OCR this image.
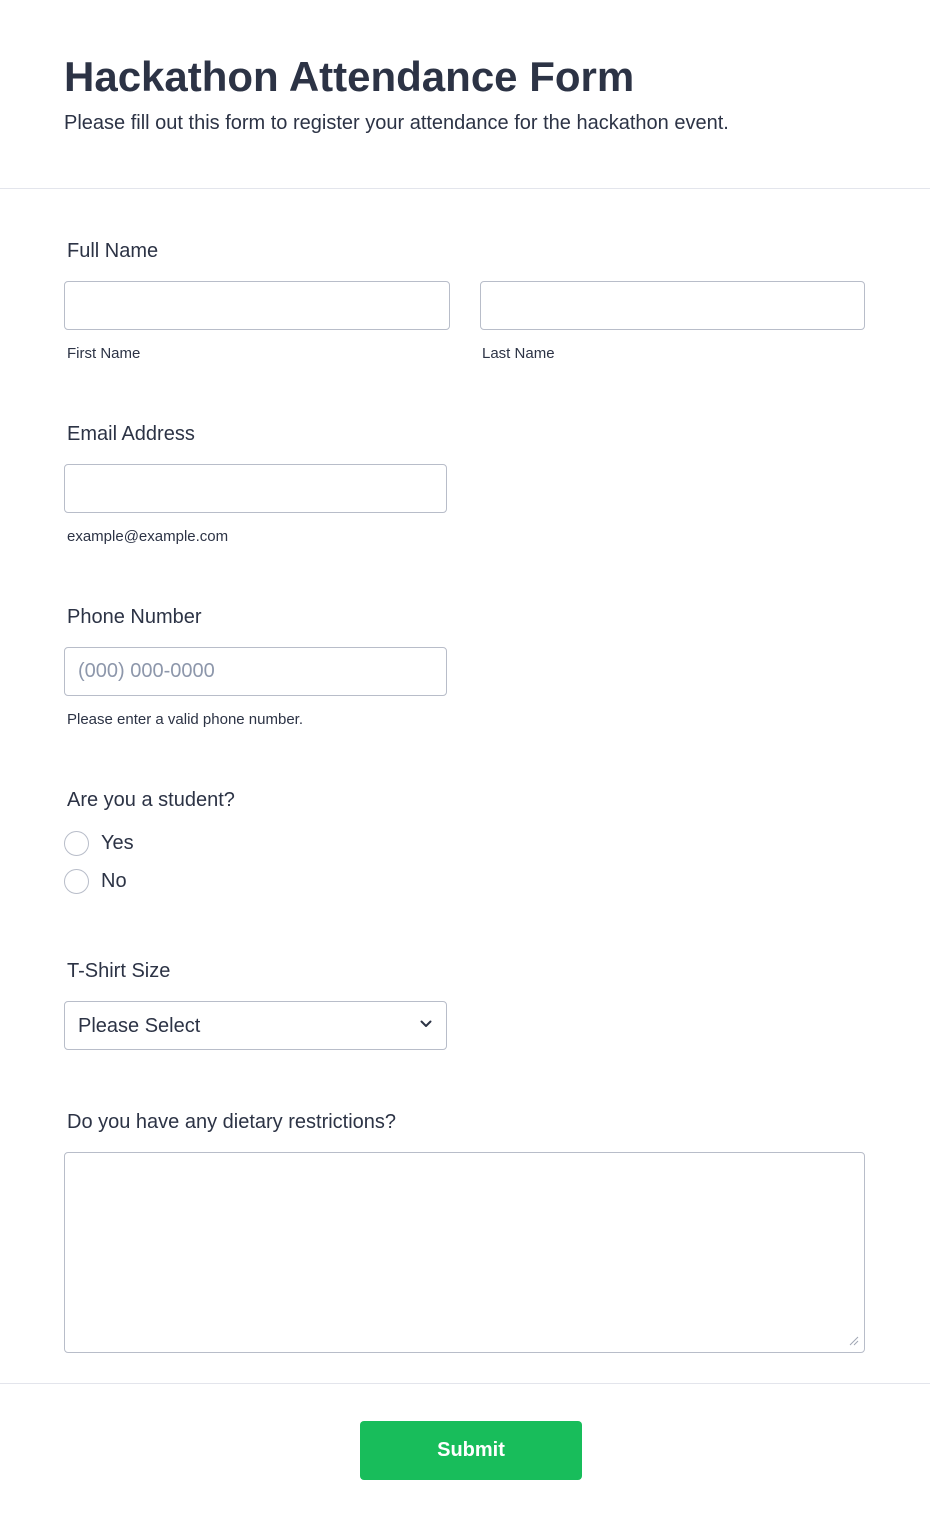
Hackathon Attendance Form

Please fill out this form to register your attendance for the hackathon event.

Full Name
First Name	Last Name
Email Address
example@example.com
Phone Number
(000) 000-0000
Please enter a valid phone number.
Are you a student?
Yes
No
T-Shirt Size
Please Select
Do you have any dietary restrictions?
Submit
